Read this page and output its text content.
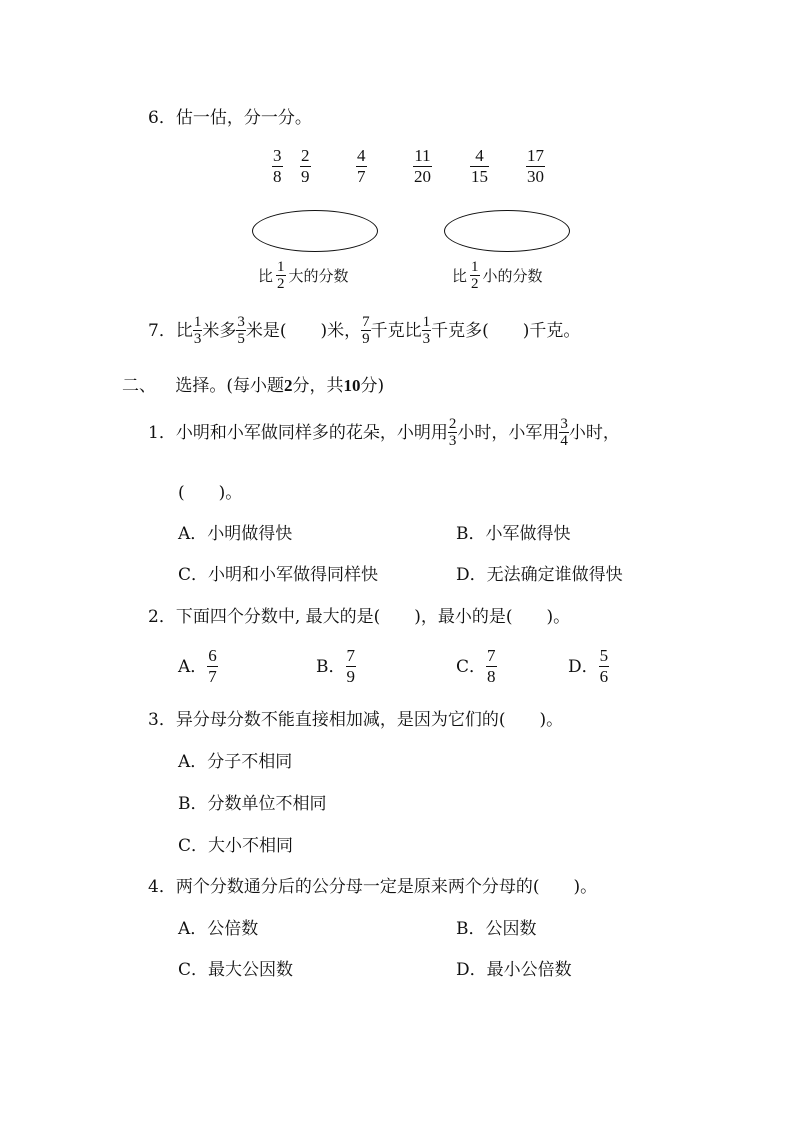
6．估一估，分一分。
$\frac{3}{8} \frac{2}{9}$	$\frac{4}{7}$	$\frac{11}{20} \frac{4}{15} \frac{17}{30}$
比 $\frac{1}{2}$ 大的分数	比 $\frac{1}{2}$ 小的分数
7．比 $\frac{1}{3}$ 米多 $\frac{3}{5}$ 米是(　　)米， $\frac{7}{9}$ 千克比 $\frac{1}{3}$ 千克多(　　)千克。
二、 选择。(每小题2分，共10分)
1．小明和小军做同样多的花朵，小明用 $\frac{2}{3}$ 小时，小军用 $\frac{3}{4}$ 小时，
(　　)。
A．小明做得快	B．小军做得快
C．小明和小军做得同样快	D．无法确定谁做得快
2．下面四个分数中, 最大的是(　　)，最小的是(　　)。
A． $\frac{6}{7}$	B． $\frac{7}{9}$	C． $\frac{7}{8}$	D． $\frac{5}{6}$
3．异分母分数不能直接相加减，是因为它们的(　　)。
A．分子不相同
B．分数单位不相同
C．大小不相同
4．两个分数通分后的公分母一定是原来两个分母的(　　)。
A．公倍数	B．公因数
C．最大公因数	D．最小公倍数
